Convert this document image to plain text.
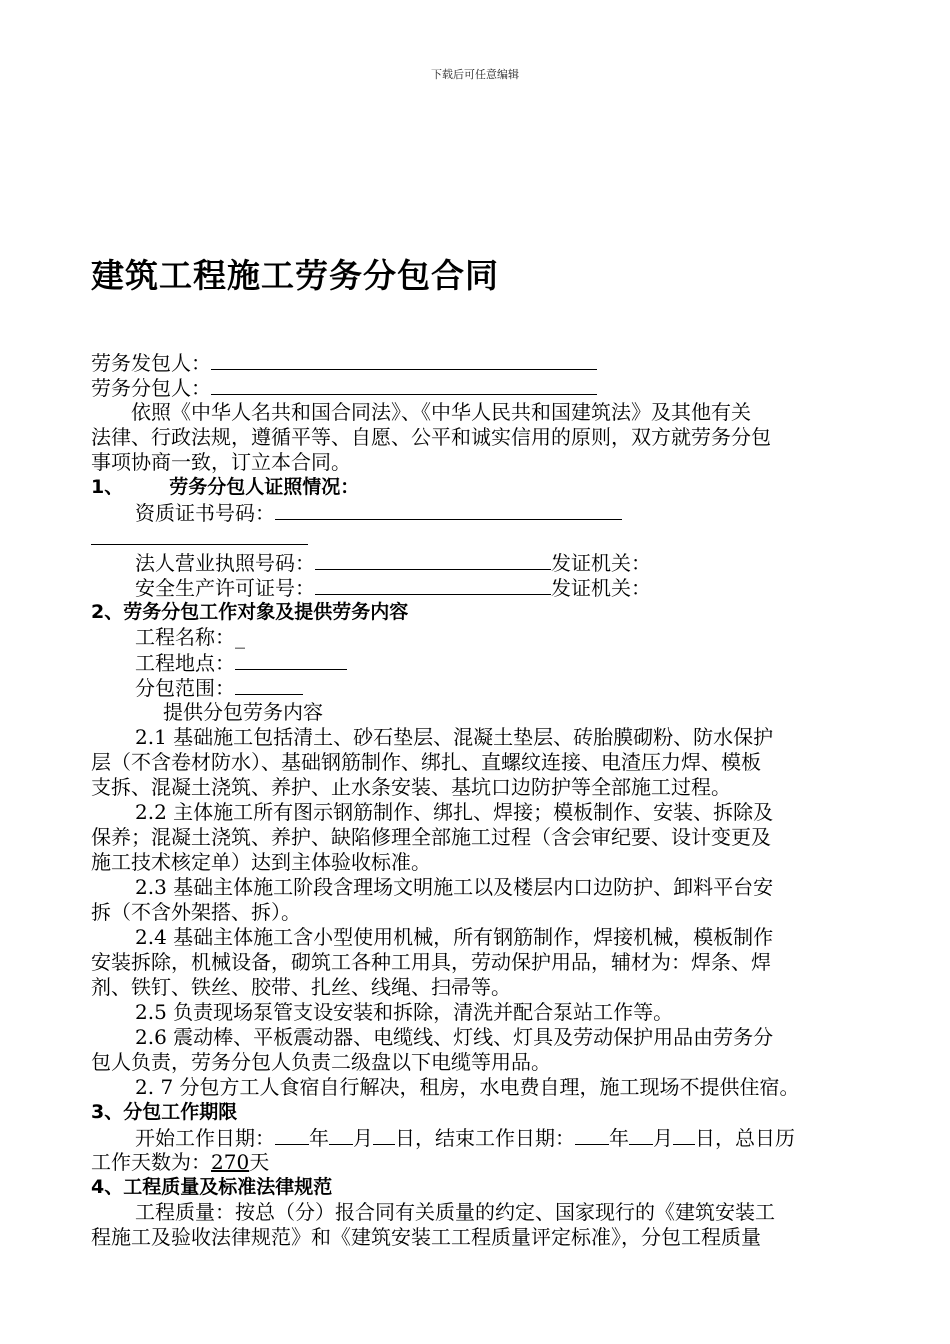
下载后可任意编辑
建筑工程施工劳务分包合同
劳务发包人：
劳务分包人：
依照《中华人名共和国合同法》、《中华人民共和国建筑法》及其他有关
法律、行政法规，遵循平等、自愿、公平和诚实信用的原则，双方就劳务分包
事项协商一致，订立本合同。
1、 劳务分包人证照情况：
资质证书号码：
法人营业执照号码：	发证机关：
安全生产许可证号：	发证机关：
2、劳务分包工作对象及提供劳务内容
工程名称：_
工程地点：
分包范围：
提供分包劳务内容
2.1 基础施工包括清土、砂石垫层、混凝土垫层、砖胎膜砌粉、防水保护
层（不含卷材防水）、基础钢筋制作、绑扎、直螺纹连接、电渣压力焊、模板
支拆、混凝土浇筑、养护、止水条安装、基坑口边防护等全部施工过程。
2.2 主体施工所有图示钢筋制作、绑扎、焊接；模板制作、安装、拆除及
保养；混凝土浇筑、养护、缺陷修理全部施工过程（含会审纪要、设计变更及
施工技术核定单）达到主体验收标准。
2.3 基础主体施工阶段含理场文明施工以及楼层内口边防护、卸料平台安
拆（不含外架搭、拆）。
2.4 基础主体施工含小型使用机械，所有钢筋制作，焊接机械，模板制作
安装拆除，机械设备，砌筑工各种工用具，劳动保护用品，辅材为：焊条、焊
剂、铁钉、铁丝、胶带、扎丝、线绳、扫帚等。
2.5 负责现场泵管支设安装和拆除，清洗并配合泵站工作等。
2.6 震动棒、平板震动器、电缆线、灯线、灯具及劳动保护用品由劳务分
包人负责，劳务分包人负责二级盘以下电缆等用品。
2. 7 分包方工人食宿自行解决，租房，水电费自理，施工现场不提供住宿。
3、分包工作期限
开始工作日期： 年 月 日，结束工作日期： 年 月 日，总日历
工作天数为：270天
4、工程质量及标准法律规范
工程质量：按总（分）报合同有关质量的约定、国家现行的《建筑安装工
程施工及验收法律规范》和《建筑安装工工程质量评定标准》，分包工程质量
